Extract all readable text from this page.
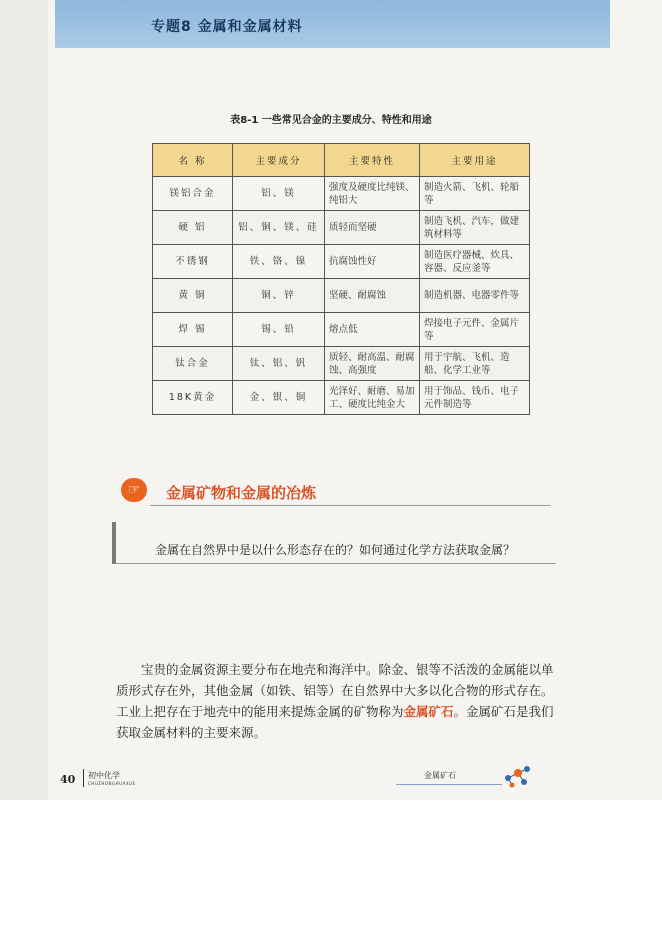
专题8 金属和金属材料
表8-1 一些常见合金的主要成分、特性和用途
名 称	主要成分	主要特性	主要用途
镁铝合金	铝、镁	强度及硬度比纯镁、纯铝大	制造火箭、飞机、轮船等
硬 铝	铝、铜、镁、硅	质轻而坚硬	制造飞机、汽车，做建筑材料等
不锈钢	铁、铬、镍	抗腐蚀性好	制造医疗器械、炊具、容器、反应釜等
黄 铜	铜、锌	坚硬、耐腐蚀	制造机器、电器零件等
焊 锡	锡、铅	熔点低	焊接电子元件、金属片等
钛合金	钛、铝、钒	质轻、耐高温、耐腐蚀、高强度	用于宇航、飞机、造船、化学工业等
18K黄金	金、银、铜	光泽好、耐磨、易加工、硬度比纯金大	用于饰品、钱币、电子元件制造等
☞	金属矿物和金属的冶炼
金属在自然界中是以什么形态存在的？如何通过化学方法获取金属？

宝贵的金属资源主要分布在地壳和海洋中。除金、银等不活泼的金属能以单质形式存在外，其他金属（如铁、铝等）在自然界中大多以化合物的形式存在。工业上把存在于地壳中的能用来提炼金属的矿物称为金属矿石。金属矿石是我们获取金属材料的主要来源。

40 初中化学
CHUZHONGHUAXUE
金属矿石
